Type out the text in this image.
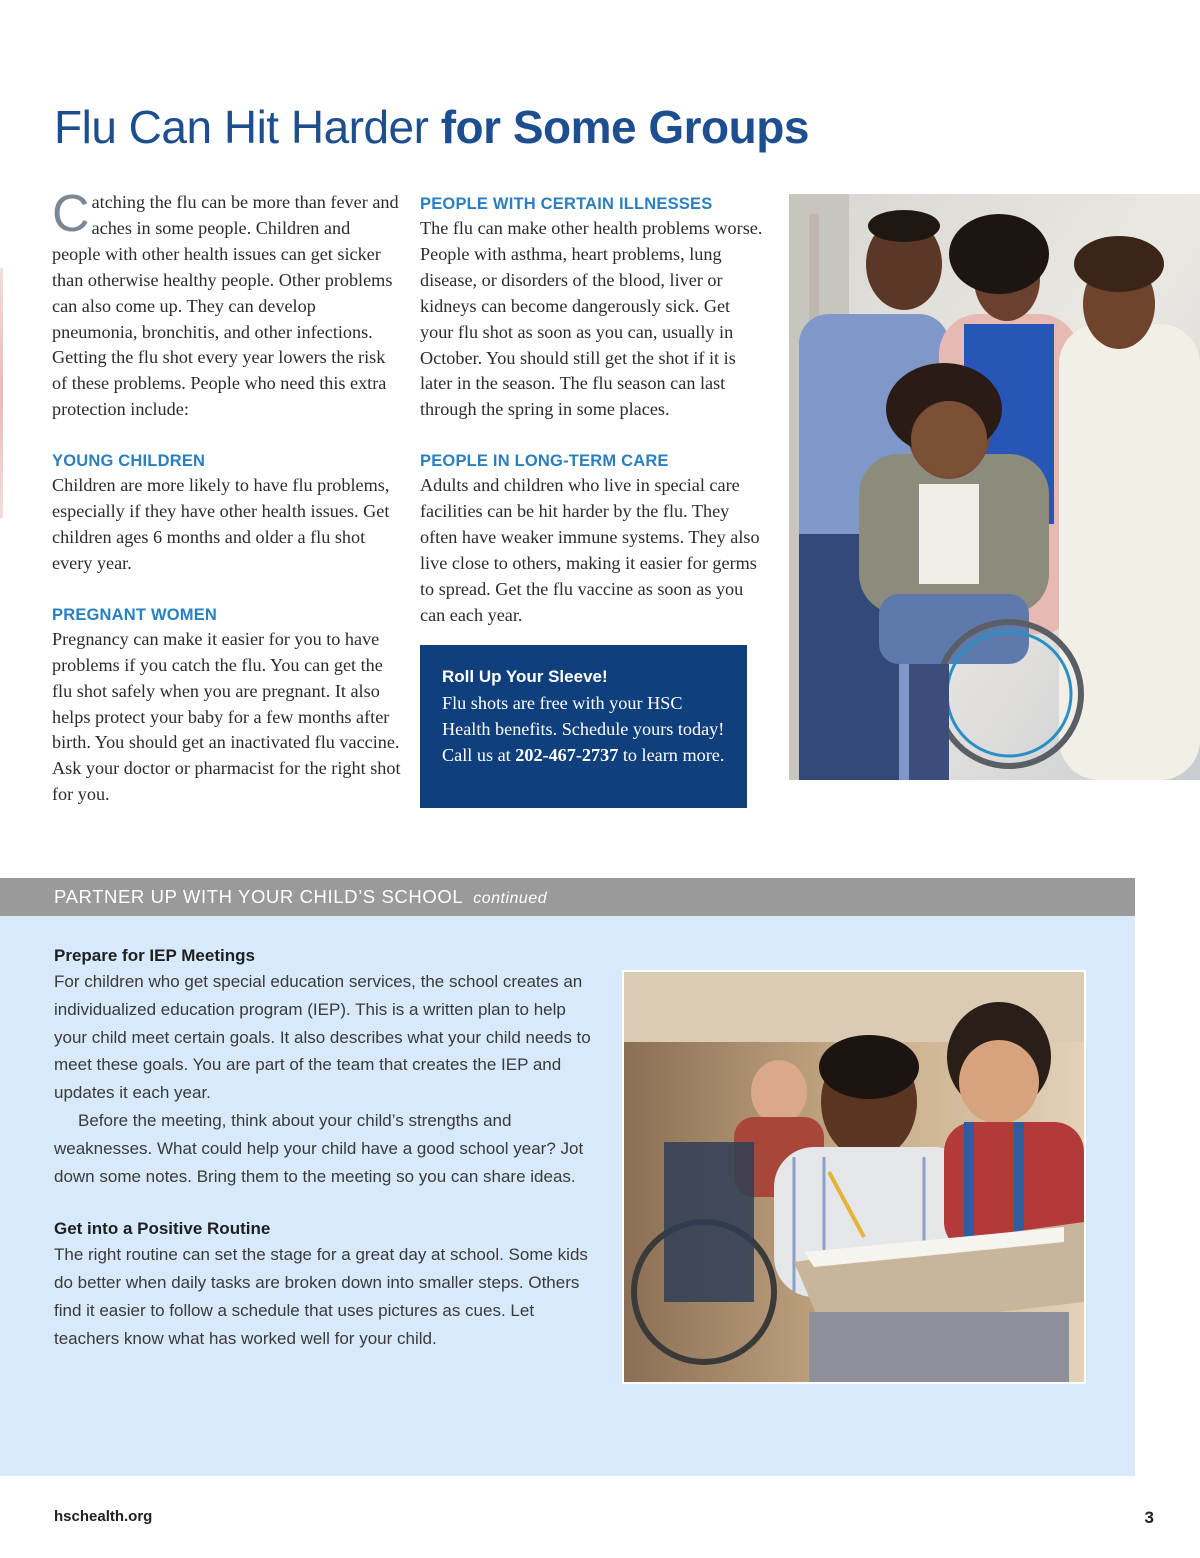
Flu Can Hit Harder for Some Groups

Catching the flu can be more than fever and aches in some people. Children and people with other health issues can get sicker than otherwise healthy people. Other problems can also come up. They can develop pneumonia, bronchitis, and other infections. Getting the flu shot every year lowers the risk of these problems. People who need this extra protection include:

YOUNG CHILDREN

Children are more likely to have flu problems, especially if they have other health issues. Get children ages 6 months and older a flu shot every year.

PREGNANT WOMEN

Pregnancy can make it easier for you to have problems if you catch the flu. You can get the flu shot safely when you are pregnant. It also helps protect your baby for a few months after birth. You should get an inactivated flu vaccine. Ask your doctor or pharmacist for the right shot for you.

PEOPLE WITH CERTAIN ILLNESSES

The flu can make other health problems worse. People with asthma, heart problems, lung disease, or disorders of the blood, liver or kidneys can become dangerously sick. Get your flu shot as soon as you can, usually in October. You should still get the shot if it is later in the season. The flu season can last through the spring in some places.

PEOPLE IN LONG-TERM CARE

Adults and children who live in special care facilities can be hit harder by the flu. They often have weaker immune systems. They also live close to others, making it easier for germs to spread. Get the flu vaccine as soon as you can each year.

Roll Up Your Sleeve!

Flu shots are free with your HSC Health benefits. Schedule yours today! Call us at 202-467-2737 to learn more.

PARTNER UP WITH YOUR CHILD’S SCHOOL continued
Prepare for IEP Meetings

For children who get special education services, the school creates an individualized education program (IEP). This is a written plan to help your child meet certain goals. It also describes what your child needs to meet these goals. You are part of the team that creates the IEP and updates it each year.

Before the meeting, think about your child’s strengths and weaknesses. What could help your child have a good school year? Jot down some notes. Bring them to the meeting so you can share ideas.

Get into a Positive Routine

The right routine can set the stage for a great day at school. Some kids do better when daily tasks are broken down into smaller steps. Others find it easier to follow a schedule that uses pictures as cues. Let teachers know what has worked well for your child.

hschealth.org	3
